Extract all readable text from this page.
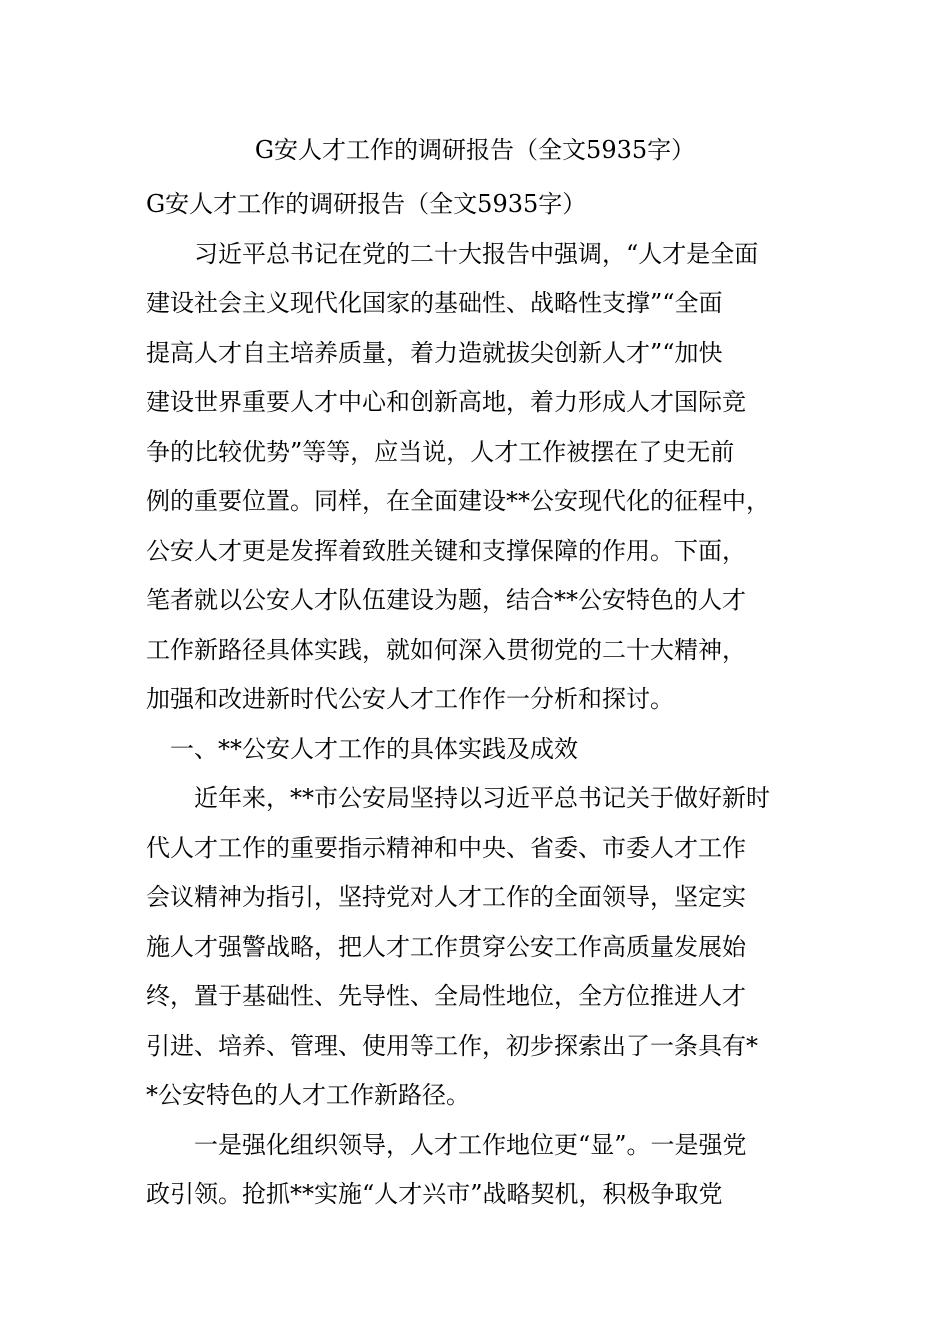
G安人才工作的调研报告（全文5935字）
G安人才工作的调研报告（全文5935字）
　　习近平总书记在党的二十大报告中强调，“人才是全面
建设社会主义现代化国家的基础性、战略性支撑”“全面
提高人才自主培养质量，着力造就拔尖创新人才”“加快
建设世界重要人才中心和创新高地，着力形成人才国际竞
争的比较优势”等等，应当说，人才工作被摆在了史无前
例的重要位置。同样，在全面建设**公安现代化的征程中，
公安人才更是发挥着致胜关键和支撑保障的作用。下面，
笔者就以公安人才队伍建设为题，结合**公安特色的人才
工作新路径具体实践，就如何深入贯彻党的二十大精神，
加强和改进新时代公安人才工作作一分析和探讨。
　一、**公安人才工作的具体实践及成效
　　近年来，**市公安局坚持以习近平总书记关于做好新时
代人才工作的重要指示精神和中央、省委、市委人才工作
会议精神为指引，坚持党对人才工作的全面领导，坚定实
施人才强警战略，把人才工作贯穿公安工作高质量发展始
终，置于基础性、先导性、全局性地位，全方位推进人才
引进、培养、管理、使用等工作，初步探索出了一条具有*
*公安特色的人才工作新路径。
　　一是强化组织领导，人才工作地位更“显”。一是强党
政引领。抢抓**实施“人才兴市”战略契机，积极争取党
